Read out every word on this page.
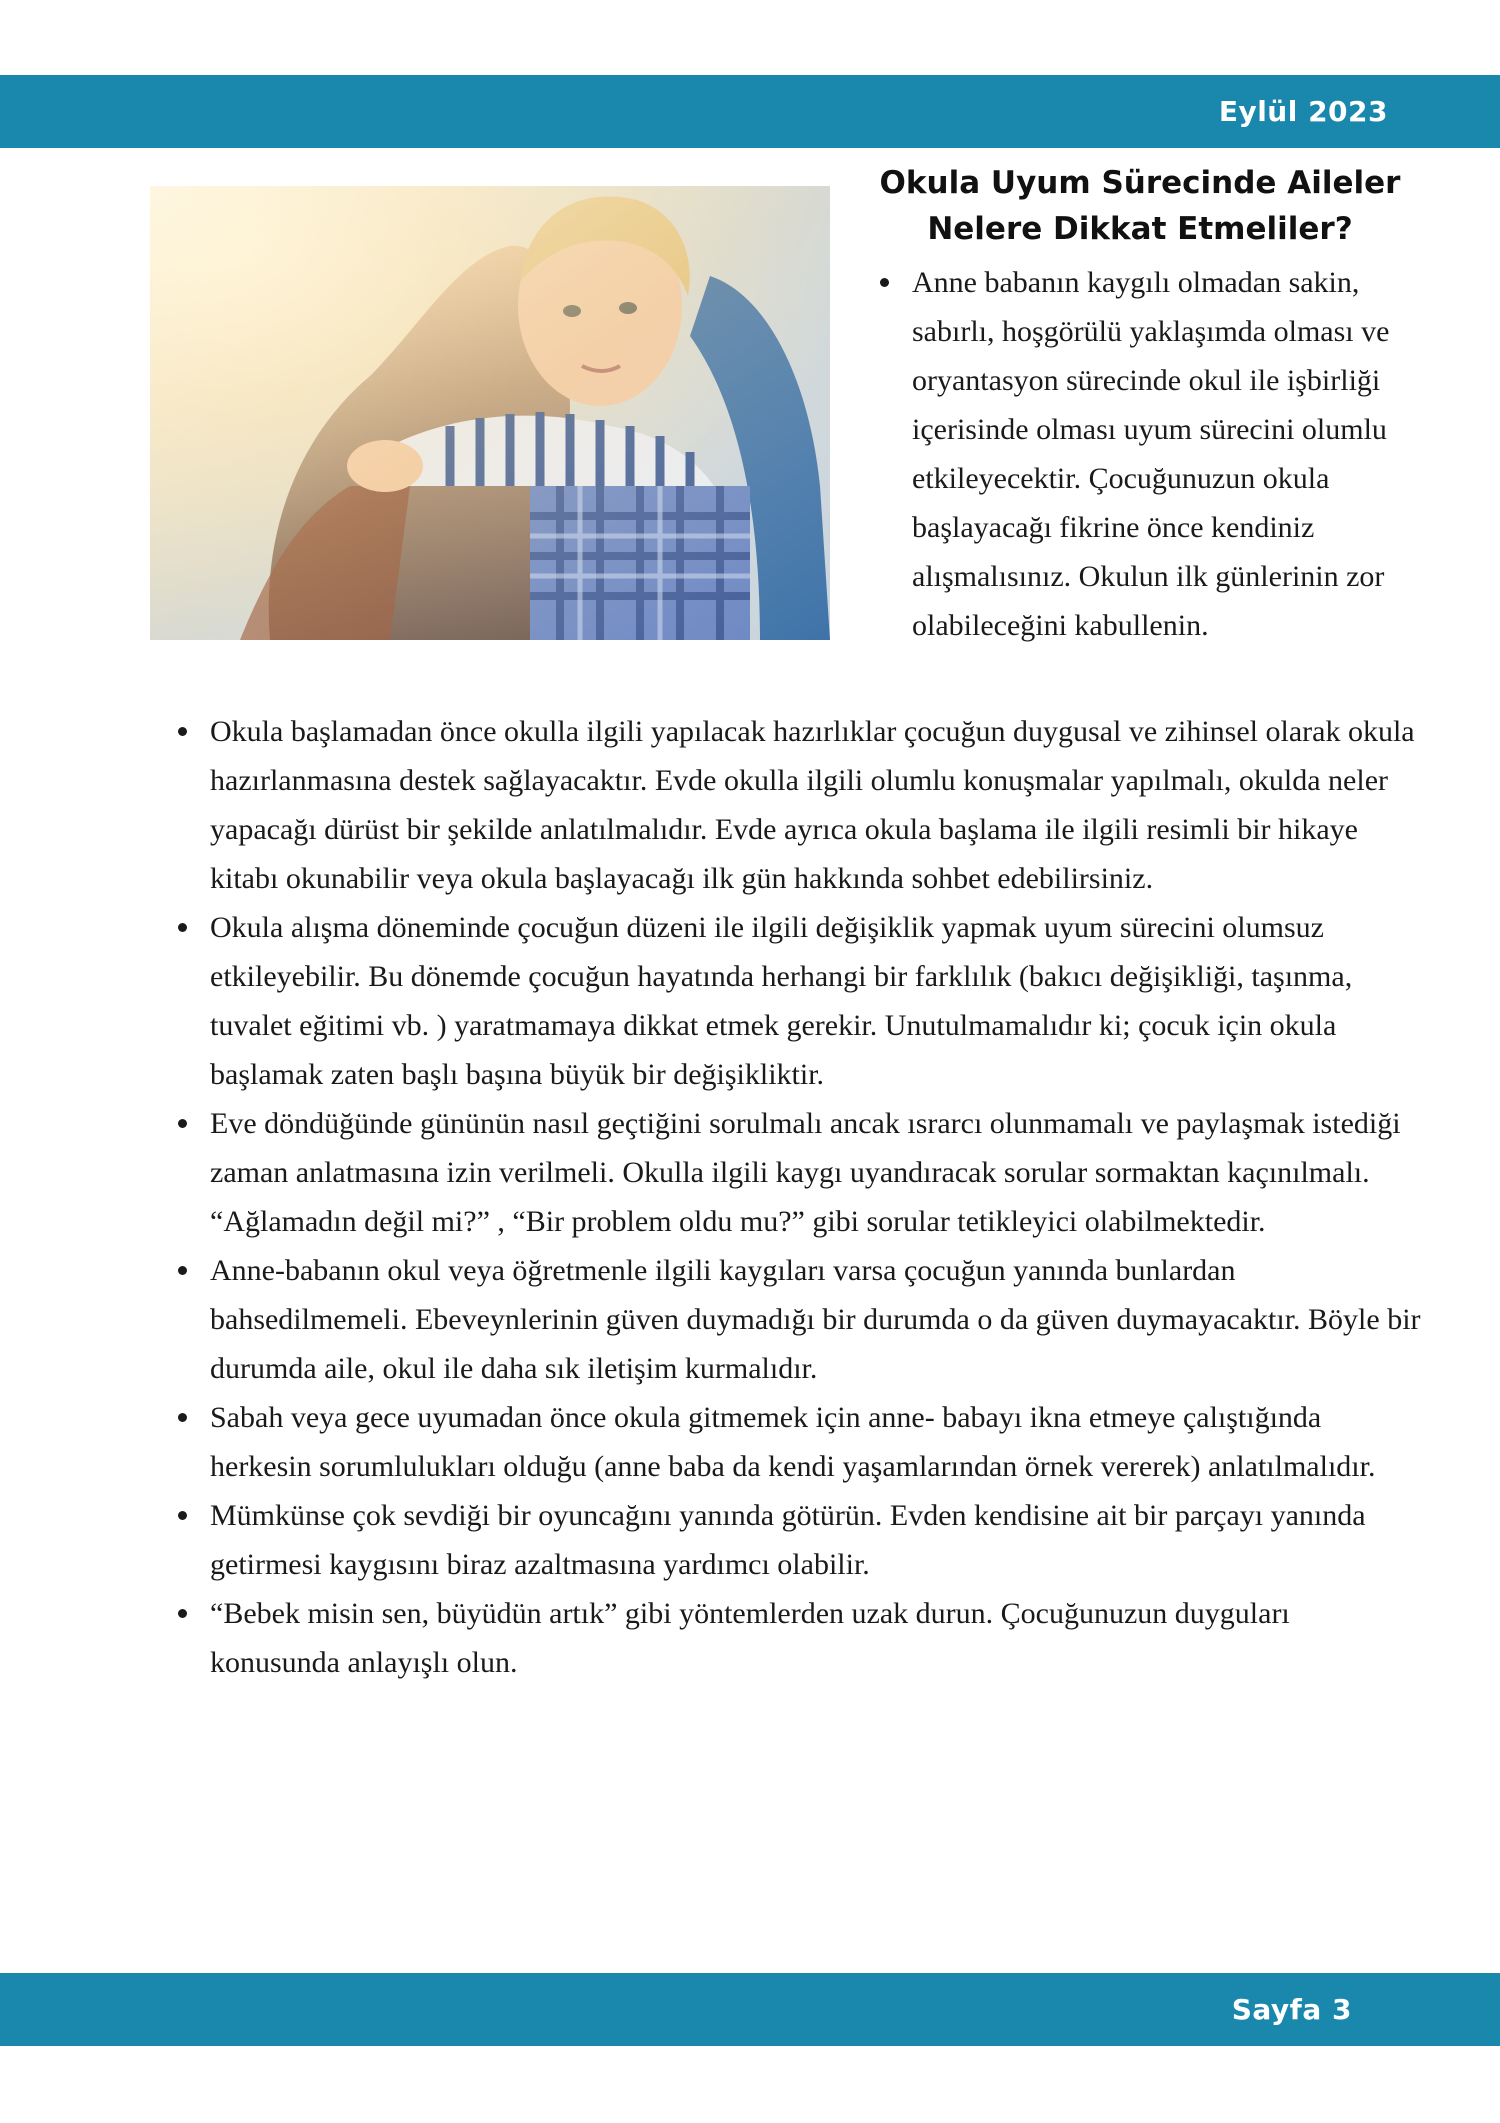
Eylül 2023
Okula Uyum Sürecinde Aileler Nelere Dikkat Etmeliler?
Anne babanın kaygılı olmadan sakin, sabırlı, hoşgörülü yaklaşımda olması ve oryantasyon sürecinde okul ile işbirliği içerisinde olması uyum sürecini olumlu etkileyecektir. Çocuğunuzun okula başlayacağı fikrine önce kendiniz alışmalısınız. Okulun ilk günlerinin zor olabileceğini kabullenin.
Okula başlamadan önce okulla ilgili yapılacak hazırlıklar çocuğun duygusal ve zihinsel olarak okula hazırlanmasına destek sağlayacaktır. Evde okulla ilgili olumlu konuşmalar yapılmalı, okulda neler yapacağı dürüst bir şekilde anlatılmalıdır. Evde ayrıca okula başlama ile ilgili resimli bir hikaye kitabı okunabilir veya okula başlayacağı ilk gün hakkında sohbet edebilirsiniz.
Okula alışma döneminde çocuğun düzeni ile ilgili değişiklik yapmak uyum sürecini olumsuz etkileyebilir. Bu dönemde çocuğun hayatında herhangi bir farklılık (bakıcı değişikliği, taşınma, tuvalet eğitimi vb. ) yaratmamaya dikkat etmek gerekir. Unutulmamalıdır ki; çocuk için okula başlamak zaten başlı başına büyük bir değişikliktir.
Eve döndüğünde gününün nasıl geçtiğini sorulmalı ancak ısrarcı olunmamalı ve paylaşmak istediği zaman anlatmasına izin verilmeli. Okulla ilgili kaygı uyandıracak sorular sormaktan kaçınılmalı. “Ağlamadın değil mi?” , “Bir problem oldu mu?” gibi sorular tetikleyici olabilmektedir.
Anne-babanın okul veya öğretmenle ilgili kaygıları varsa çocuğun yanında bunlardan bahsedilmemeli. Ebeveynlerinin güven duymadığı bir durumda o da güven duymayacaktır. Böyle bir durumda aile, okul ile daha sık iletişim kurmalıdır.
Sabah veya gece uyumadan önce okula gitmemek için anne- babayı ikna etmeye çalıştığında herkesin sorumlulukları olduğu (anne baba da kendi yaşamlarından örnek vererek) anlatılmalıdır.
Mümkünse çok sevdiği bir oyuncağını yanında götürün. Evden kendisine ait bir parçayı yanında getirmesi kaygısını biraz azaltmasına yardımcı olabilir.
“Bebek misin sen, büyüdün artık” gibi yöntemlerden uzak durun. Çocuğunuzun duyguları konusunda anlayışlı olun.
Sayfa 3
